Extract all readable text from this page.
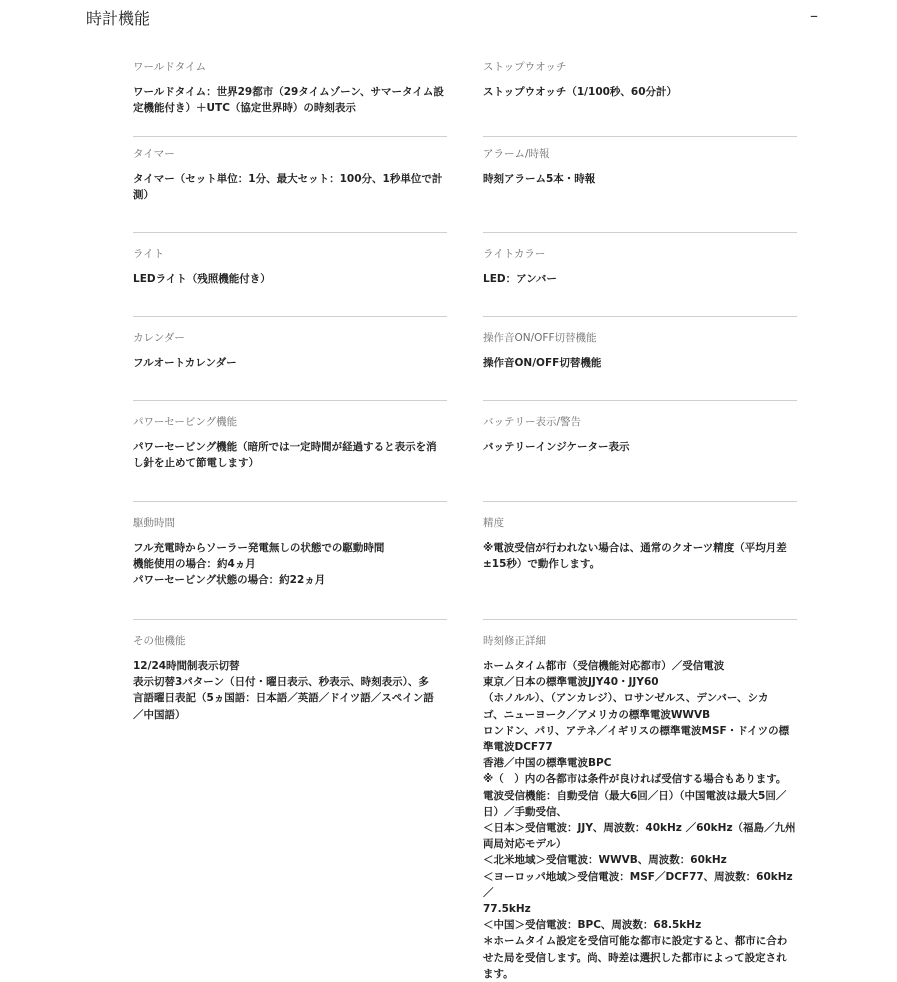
時計機能	–
ワールドタイム
ワールドタイム：世界29都市（29タイムゾーン、サマータイム設
定機能付き）＋UTC（協定世界時）の時刻表示
タイマー
タイマー（セット単位：1分、最大セット：100分、1秒単位で計
測）
ライト
LEDライト（残照機能付き）
カレンダー
フルオートカレンダー
パワーセービング機能
パワーセービング機能（暗所では一定時間が経過すると表示を消
し針を止めて節電します）
駆動時間
フル充電時からソーラー発電無しの状態での駆動時間
機能使用の場合：約4ヵ月
パワーセービング状態の場合：約22ヵ月
その他機能
12/24時間制表示切替
表示切替3パターン（日付・曜日表示、秒表示、時刻表示）、多
言語曜日表記（5ヵ国語：日本語／英語／ドイツ語／スペイン語
／中国語）
ストップウオッチ
ストップウオッチ（1/100秒、60分計）
アラーム/時報
時刻アラーム5本・時報
ライトカラー
LED：アンバー
操作音ON/OFF切替機能
操作音ON/OFF切替機能
バッテリー表示/警告
バッテリーインジケーター表示
精度
※電波受信が行われない場合は、通常のクオーツ精度（平均月差
±15秒）で動作します。
時刻修正詳細
ホームタイム都市（受信機能対応都市）／受信電波
東京／日本の標準電波JJY40・JJY60
（ホノルル）、（アンカレジ）、ロサンゼルス、デンバー、シカ
ゴ、ニューヨーク／アメリカの標準電波WWVB
ロンドン、パリ、アテネ／イギリスの標準電波MSF・ドイツの標
準電波DCF77
香港／中国の標準電波BPC
※（　）内の各都市は条件が良ければ受信する場合もあります。
電波受信機能：自動受信（最大6回／日）（中国電波は最大5回／
日）／手動受信、
＜日本＞受信電波：JJY、周波数：40kHz ／60kHz（福島／九州
両局対応モデル）
＜北米地域＞受信電波：WWVB、周波数：60kHz
＜ヨーロッパ地域＞受信電波：MSF／DCF77、周波数：60kHz ／
77.5kHz
＜中国＞受信電波：BPC、周波数：68.5kHz
＊ホームタイム設定を受信可能な都市に設定すると、都市に合わ
せた局を受信します。尚、時差は選択した都市によって設定され
ます。
